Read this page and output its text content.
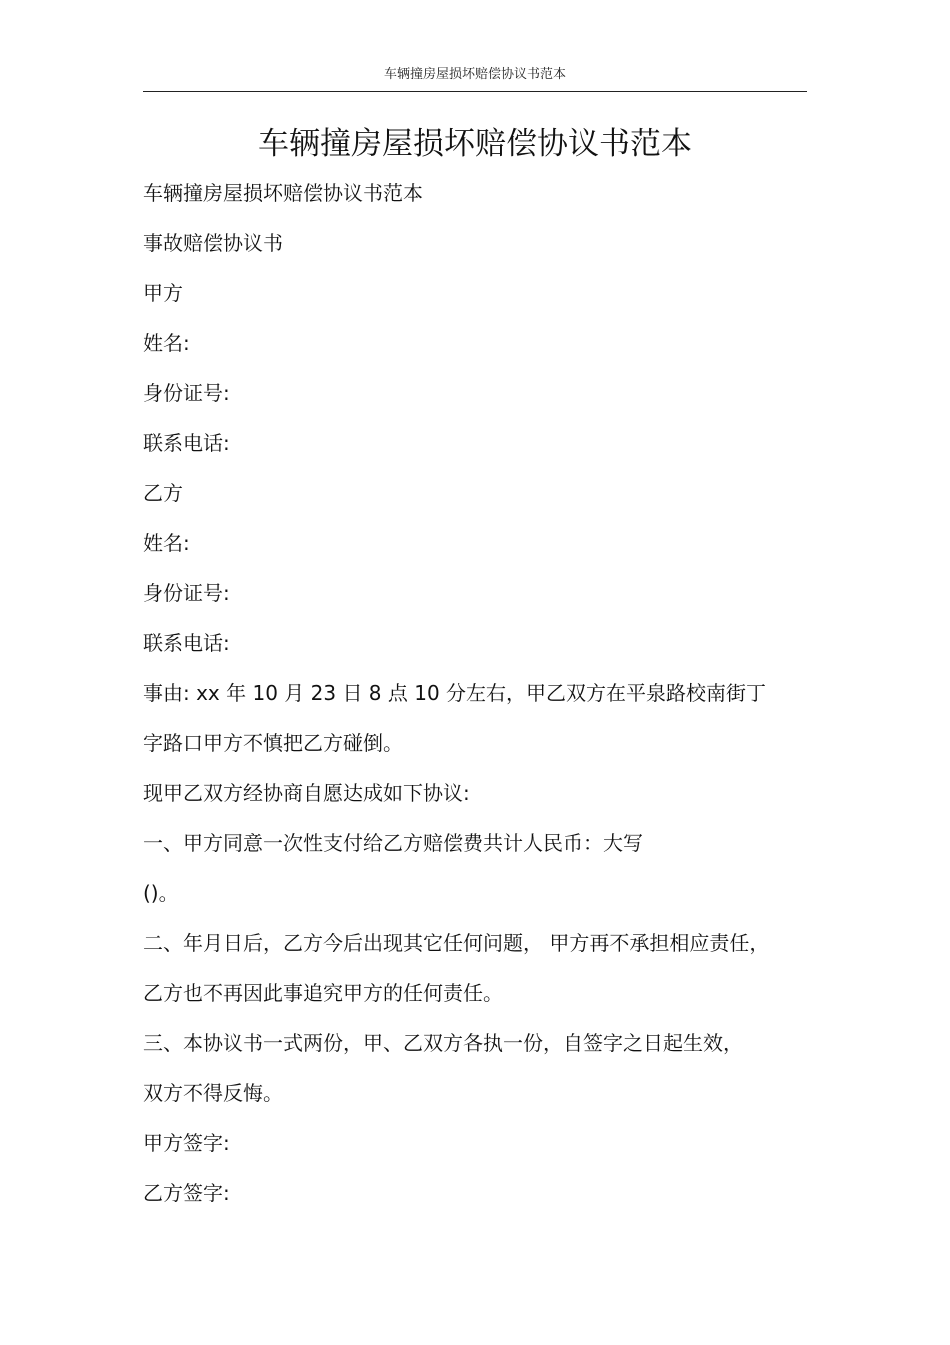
车辆撞房屋损坏赔偿协议书范本
车辆撞房屋损坏赔偿协议书范本
车辆撞房屋损坏赔偿协议书范本
事故赔偿协议书
甲方
姓名:
身份证号:
联系电话:
乙方
姓名:
身份证号:
联系电话:
事由: xx 年 10 月 23 日 8 点 10 分左右，甲乙双方在平泉路校南街丁
字路口甲方不慎把乙方碰倒。
现甲乙双方经协商自愿达成如下协议:
一、甲方同意一次性支付给乙方赔偿费共计人民币：大写
()。
二、年月日后，乙方今后出现其它任何问题， 甲方再不承担相应责任，
乙方也不再因此事追究甲方的任何责任。
三、本协议书一式两份，甲、乙双方各执一份，自签字之日起生效，
双方不得反悔。
甲方签字:
乙方签字:
